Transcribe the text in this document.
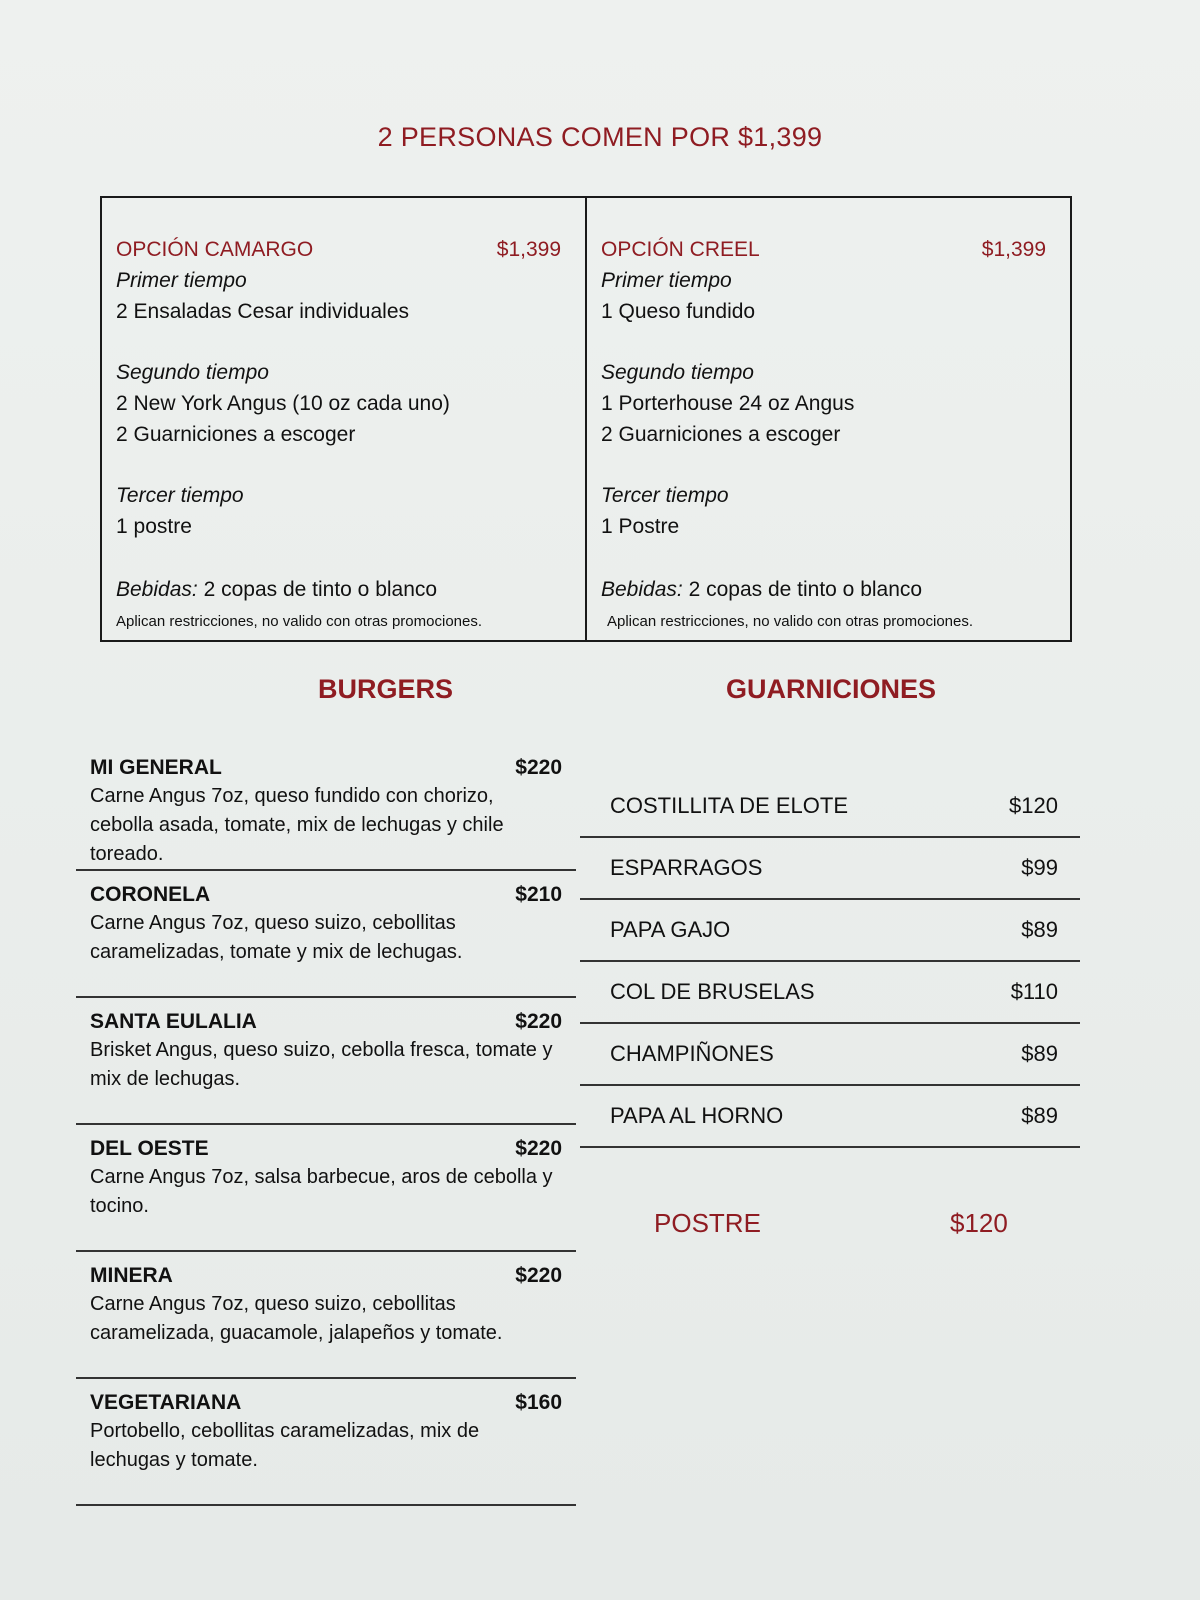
2 PERSONAS COMEN POR $1,399
OPCIÓN CAMARGO	$1,399
Primer tiempo
2 Ensaladas Cesar individuales
Segundo tiempo
2 New York Angus (10 oz cada uno)
2 Guarniciones a escoger
Tercer tiempo
1 postre
Bebidas: 2 copas de tinto o blanco
Aplican restricciones, no valido con otras promociones.
OPCIÓN CREEL	$1,399
Primer tiempo
1 Queso fundido
Segundo tiempo
1 Porterhouse 24 oz Angus
2 Guarniciones a escoger
Tercer tiempo
1 Postre
Bebidas: 2 copas de tinto o blanco
Aplican restricciones, no valido con otras promociones.
BURGERS	GUARNICIONES
MI GENERAL	$220
Carne Angus 7oz, queso fundido con chorizo, cebolla asada, tomate, mix de lechugas y chile toreado.
CORONELA	$210
Carne Angus 7oz, queso suizo, cebollitas caramelizadas, tomate y mix de lechugas.
SANTA EULALIA	$220
Brisket Angus, queso suizo, cebolla fresca, tomate y mix de lechugas.
DEL OESTE	$220
Carne Angus 7oz, salsa barbecue, aros de cebolla y tocino.
MINERA	$220
Carne Angus 7oz, queso suizo, cebollitas caramelizada, guacamole, jalapeños y tomate.
VEGETARIANA	$160
Portobello, cebollitas caramelizadas, mix de lechugas y tomate.
COSTILLITA DE ELOTE	$120
ESPARRAGOS	$99
PAPA GAJO	$89
COL DE BRUSELAS	$110
CHAMPIÑONES	$89
PAPA AL HORNO	$89
POSTRE	$120
